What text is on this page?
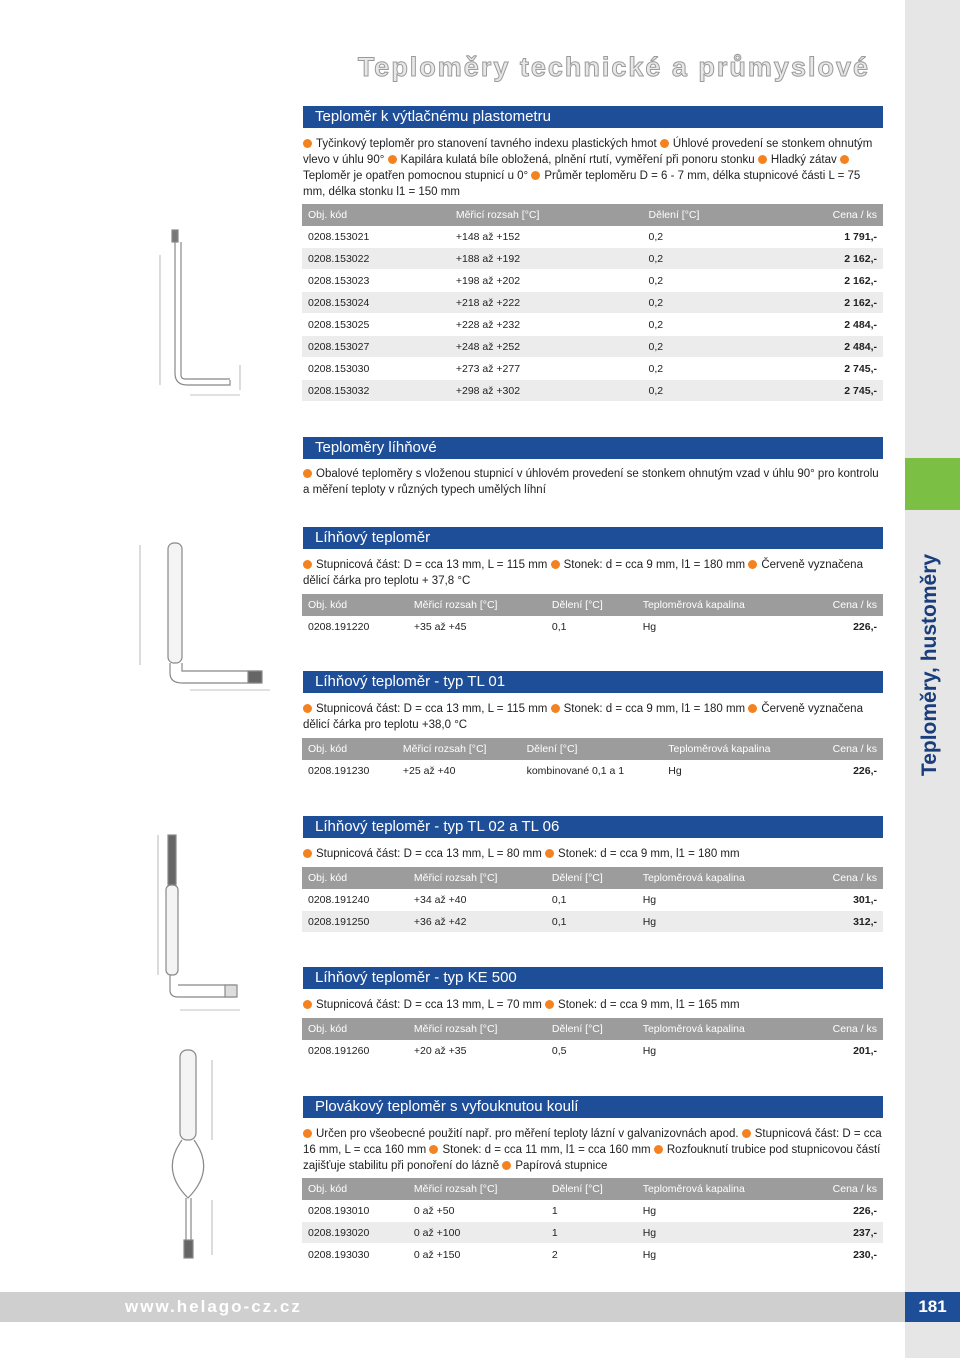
Teploměry, hustoměry
Teploměry technické a průmyslové
Teploměr k výtlačnému plastometru
Tyčinkový teploměr pro stanovení tavného indexu plastických hmot Úhlové provedení se stonkem ohnutým vlevo v úhlu 90° Kapilára kulatá bíle obložená, plnění rtutí, vyměření při ponoru stonku Hladký zátav Teploměr je opatřen pomocnou stupnicí u 0° Průměr teploměru D = 6 - 7 mm, délka stupnicové části L = 75 mm, délka stonku l1 = 150 mm
Obj. kód	Měřicí rozsah [°C]	Dělení [°C]	Cena / ks
0208.153021	+148 až +152	0,2	1 791,-
0208.153022	+188 až +192	0,2	2 162,-
0208.153023	+198 až +202	0,2	2 162,-
0208.153024	+218 až +222	0,2	2 162,-
0208.153025	+228 až +232	0,2	2 484,-
0208.153027	+248 až +252	0,2	2 484,-
0208.153030	+273 až +277	0,2	2 745,-
0208.153032	+298 až +302	0,2	2 745,-
Teploměry líhňové
Obalové teploměry s vloženou stupnicí v úhlovém provedení se stonkem ohnutým vzad v úhlu 90° pro kontrolu a měření teploty v různých typech umělých líhní
Líhňový teploměr
Stupnicová část: D = cca 13 mm, L = 115 mm Stonek: d = cca 9 mm, l1 = 180 mm Červeně vyznačena dělicí čárka pro teplotu + 37,8 °C
Obj. kód	Měřicí rozsah [°C]	Dělení [°C]	Teploměrová kapalina	Cena / ks
0208.191220	+35 až +45	0,1	Hg	226,-
Líhňový teploměr - typ TL 01
Stupnicová část: D = cca 13 mm, L = 115 mm Stonek: d = cca 9 mm, l1 = 180 mm Červeně vyznačena dělicí čárka pro teplotu +38,0 °C
Obj. kód	Měřicí rozsah [°C]	Dělení [°C]	Teploměrová kapalina	Cena / ks
0208.191230	+25 až +40	kombinované 0,1 a 1	Hg	226,-
Líhňový teploměr - typ TL 02 a TL 06
Stupnicová část: D = cca 13 mm, L = 80 mm Stonek: d = cca 9 mm, l1 = 180 mm
Obj. kód	Měřicí rozsah [°C]	Dělení [°C]	Teploměrová kapalina	Cena / ks
0208.191240	+34 až +40	0,1	Hg	301,-
0208.191250	+36 až +42	0,1	Hg	312,-
Líhňový teploměr - typ KE 500
Stupnicová část: D = cca 13 mm, L = 70 mm Stonek: d = cca 9 mm, l1 = 165 mm
Obj. kód	Měřicí rozsah [°C]	Dělení [°C]	Teploměrová kapalina	Cena / ks
0208.191260	+20 až +35	0,5	Hg	201,-
Plovákový teploměr s vyfouknutou koulí
Určen pro všeobecné použití např. pro měření teploty lázní v galvanizovnách apod. Stupnicová část: D = cca 16 mm, L = cca 160 mm Stonek: d = cca 11 mm, l1 = cca 160 mm Rozfouknutí trubice pod stupnicovou částí zajišťuje stabilitu při ponoření do lázně Papírová stupnice
Obj. kód	Měřicí rozsah [°C]	Dělení [°C]	Teploměrová kapalina	Cena / ks
0208.193010	0 až +50	1	Hg	226,-
0208.193020	0 až +100	1	Hg	237,-
0208.193030	0 až +150	2	Hg	230,-
www.helago-cz.cz	181
